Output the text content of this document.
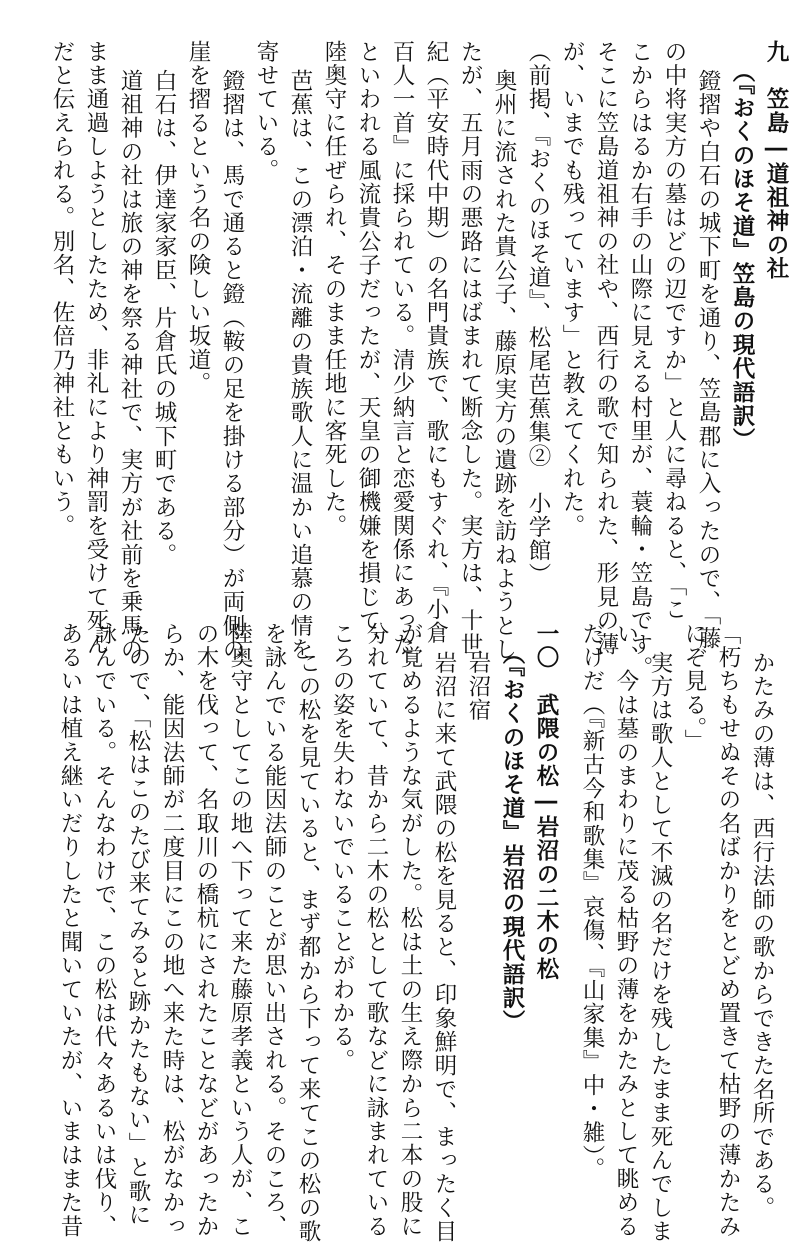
九　笠島―道祖神の社
（『おくのほそ道』笠島の現代語訳）
鐙摺や白石の城下町を通り、笠島郡に入ったので、「藤
の中将実方の墓はどの辺ですか」と人に尋ねると、「こ
こからはるか右手の山際に見える村里が、蓑輪・笠島です。
そこに笠島道祖神の社や、西行の歌で知られた、形見の薄
が、いまでも残っています」と教えてくれた。
（前掲、『おくのほそ道』、松尾芭蕉集②　小学館）
奥州に流された貴公子、藤原実方の遺跡を訪ねようとし
たが、五月雨の悪路にはばまれて断念した。実方は、十世
紀（平安時代中期）の名門貴族で、歌にもすぐれ、『小倉
百人一首』に採られている。清少納言と恋愛関係にあった
といわれる風流貴公子だったが、天皇の御機嫌を損じて、
陸奥守に任ぜられ、そのまま任地に客死した。
芭蕉は、この漂泊・流離の貴族歌人に温かい追慕の情を
寄せている。
鐙摺は、馬で通ると鐙（鞍の足を掛ける部分）が両側の
崖を摺るという名の険しい坂道。
白石は、伊達家家臣、片倉氏の城下町である。
道祖神の社は旅の神を祭る神社で、実方が社前を乗馬の
まま通過しようとしたため、非礼により神罰を受けて死ん
だと伝えられる。別名、佐倍乃神社ともいう。
かたみの薄は、西行法師の歌からできた名所である。
「朽ちもせぬその名ばかりをとどめ置きて枯野の薄かたみ
にぞ見る。」
実方は歌人として不滅の名だけを残したまま死んでしま
い、今は墓のまわりに茂る枯野の薄をかたみとして眺める
だけだ（『新古今和歌集』哀傷、『山家集』中・雑）。
一〇　武隈の松―岩沼の二木の松
（『おくのほそ道』岩沼の現代語訳）
岩沼宿
岩沼に来て武隈の松を見ると、印象鮮明で、まったく目
が覚めるような気がした。松は土の生え際から二本の股に
分れていて、昔から二木の松として歌などに詠まれている
ころの姿を失わないでいることがわかる。
この松を見ていると、まず都から下って来てこの松の歌
を詠んでいる能因法師のことが思い出される。そのころ、
陸奥守としてこの地へ下って来た藤原孝義という人が、こ
の木を伐って、名取川の橋杭にされたことなどがあったか
らか、能因法師が二度目にこの地へ来た時は、松がなかっ
たので、「松はこのたび来てみると跡かたもない」と歌に
詠んでいる。そんなわけで、この松は代々あるいは伐り、
あるいは植え継いだりしたと聞いていたが、いまはまた昔
